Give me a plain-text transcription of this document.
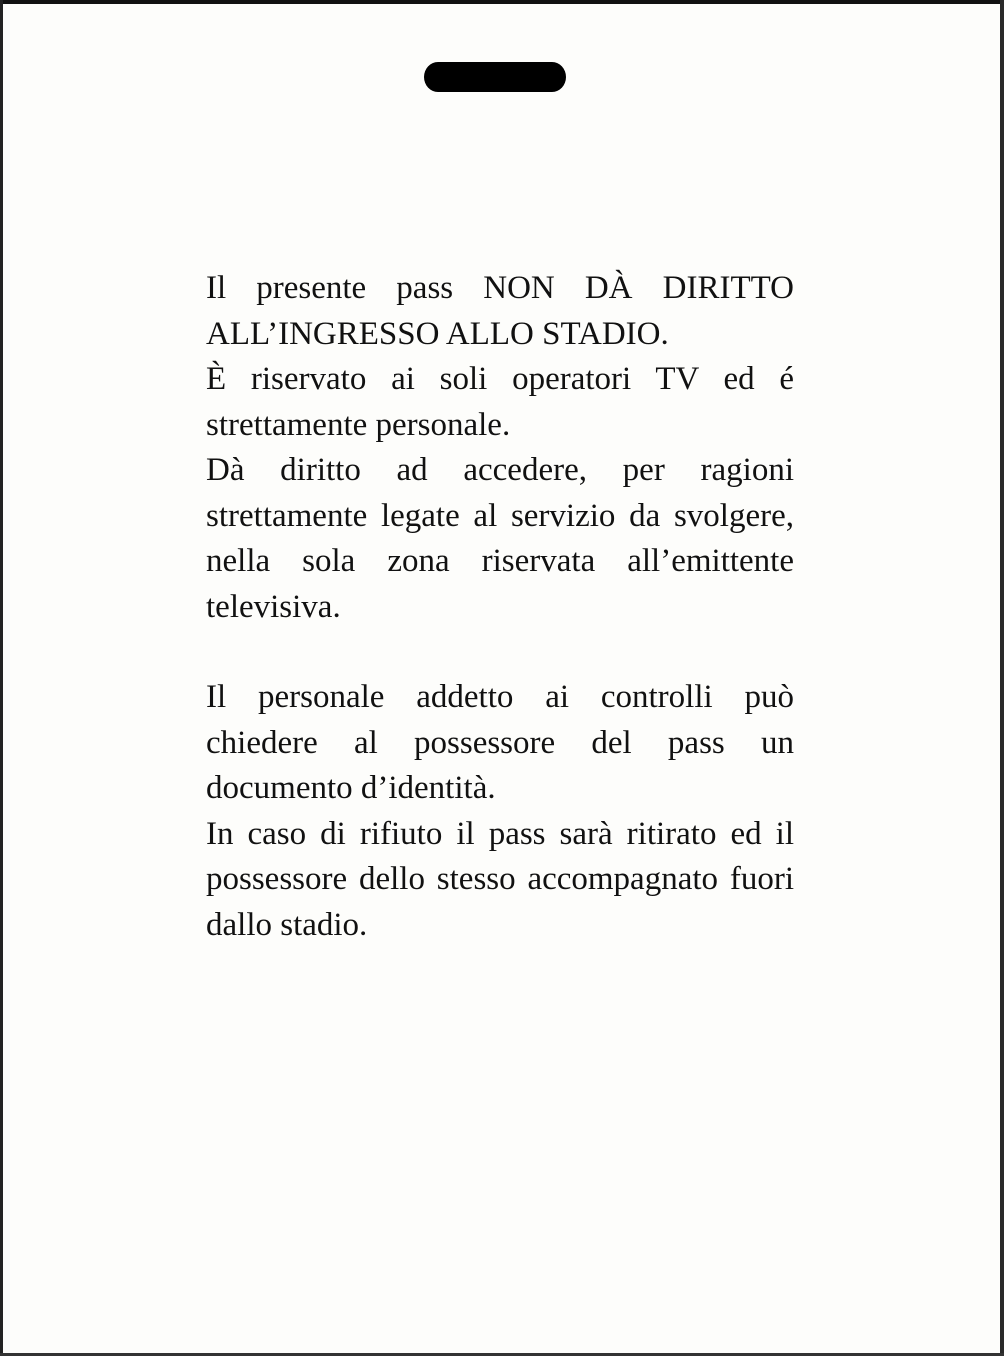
Il presente pass NON DÀ DIRITTO ALL’INGRESSO ALLO STADIO.

È riservato ai soli operatori TV ed é strettamente personale.

Dà diritto ad accedere, per ragioni strettamente legate al servizio da svolgere, nella sola zona riservata all’emittente televisiva.

Il personale addetto ai controlli può chiedere al possessore del pass un documento d’identità.

In caso di rifiuto il pass sarà ritirato ed il possessore dello stesso accompagnato fuori dallo stadio.
